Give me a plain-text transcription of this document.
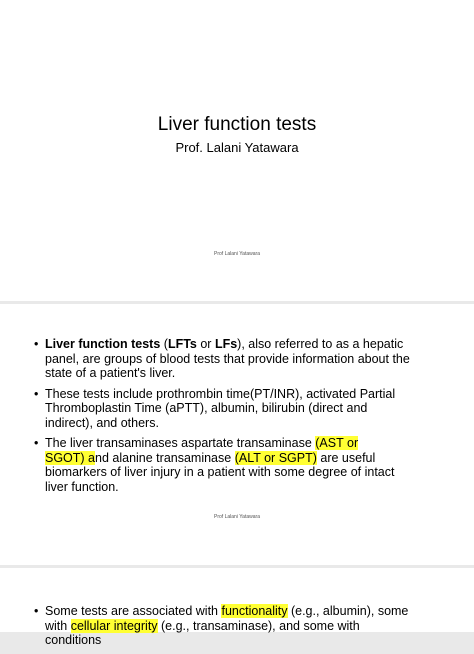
Liver function tests
Prof. Lalani Yatawara
Prof Lalani Yatawara
• Liver function tests (LFTs or LFs), also referred to as a hepatic panel, are groups of blood tests that provide information about the state of a patient's liver.
• These tests include prothrombin time(PT/INR), activated Partial Thromboplastin Time (aPTT), albumin, bilirubin (direct and indirect), and others.
• The liver transaminases aspartate transaminase (AST or
SGOT) and alanine transaminase (ALT or SGPT) are useful biomarkers of liver injury in a patient with some degree of intact liver function.
Prof Lalani Yatawara
• Some tests are associated with functionality (e.g., albumin), some with cellular integrity (e.g., transaminase), and some with conditions
